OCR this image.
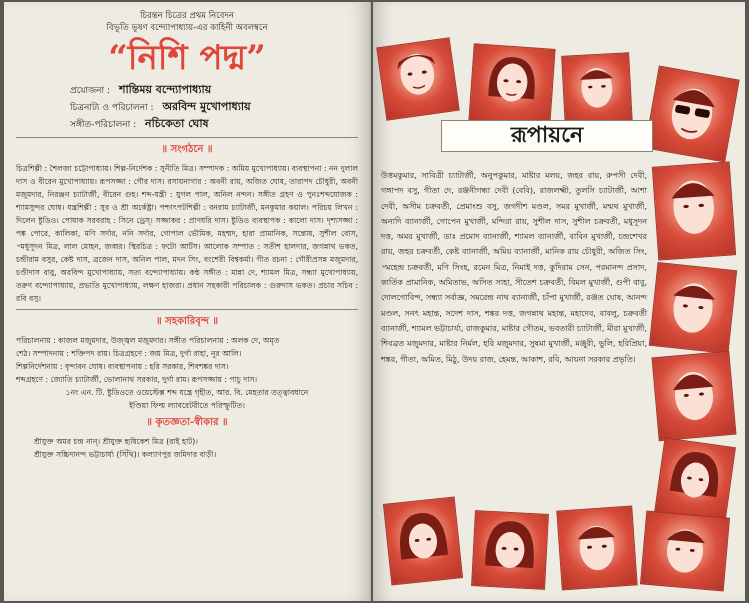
চিরন্তন চিত্রের প্রথম নিবেদন
বিভূতি ভূষণ বন্দ্যোপাধ্যায়-এর কাহিনী অবলম্বনে
“নিশি পদ্ম”
প্রযোজনা : শান্তিময় বন্দ্যোপাধ্যায়
চিত্রনাট্য ও পরিচালনা : অরবিন্দ মুখোপাধ্যায়
সঙ্গীত-পরিচালনা : নচিকেতা ঘোষ
॥ সংগঠনে ॥
চিত্রশিল্পী : শৈলজা চট্টোপাধ্যায়। শিল্প-নির্দেশক : সুনীতি মিত্র। সম্পাদক : অমিয় মুখোপাধ্যায়। ব্যবস্থাপনা : নন দুলাল দাস ও বীরেন মুখোপাধ্যায়। রূপসজ্জা : গৌর দাস। রসায়নাগার : অবনী রায়, অজিত ঘোষ, তারাপদ চৌধুরী, অবনী মজুমদার, নিরঞ্জন চ্যাটার্জী, বীরেন গুহ। শব্দ-যন্ত্রী : যুগল পাল, অনিল নন্দন। সঙ্গীত গ্রহণ ও পুনঃশব্দযোজক : শ্যামসুন্দর ঘোষ। যন্ত্রশিল্পী : সুর ও শ্রী অর্কেষ্ট্রা। পশ্চাৎপটশিল্পী : বনরাম চ্যাটার্জী, মনকুমার কয়াল। পরিচয় লিখন : দিলেন ষ্টুডিও। পোষাক সরবরাহ : সিনে ড্রেস্। সজ্জাকর : প্রাণধরি দাস। ষ্টুডিও ব্যবস্থাপক : কালো দাস। দৃশ্যসজ্জা : পঙ্ক পোরে, কালিকা, মণি সর্দার, ননি সর্দার, গোপাল ভৌমিক, মহম্মদ, হারা প্রামানিক, সন্তোষ, সুশীল বোস, ৺মধুসূদন মিত্র, লাল মোহন, জব্বর। স্থিরচিত্র : ফটো আর্টস। আলোক সম্পাত : সতীশ হালদার, জগন্নাথ ভকত, চন্দ্রীরাম বসুর, কেষ্ট দাস, ব্রজেন দাস, অনিল পাল, মদন সিং, বংশেরী বিশ্বকর্মা। গীত রচনা : গৌরীপ্রসন্ন মজুমদার, চণ্ডীদাস বাবু, অরবিন্দ মুখোপাধ্যায়, সত্য বন্দ্যোপাধ্যায়। কন্ঠ সঙ্গীত : মান্না দে, শ্যামল মিত্র, সন্ধ্যা মুখোপাধ্যায়, তরুণ বন্দ্যোপাধ্যায়, প্রভাতি মুখোপাধ্যায়, লক্ষণ হাজরা। প্রধান সহকারী পরিচালক : গুরুদাস ভকত। প্রচার সচিব : রবি বসু।
॥ সহকারিবৃন্দ ॥
পরিচালনায় : কাজল মজুমদার, উজ্জ্বল মজুমদার। সঙ্গীত পরিচালনায় : অলক দে, অমৃত
শেঠ। সম্পাদনায় : শক্তিপদ রায়। চিত্রগ্রহণে : জয় মিত্র, দুর্গা রাহা, নূর আলি।
শিল্পনির্দেশনায় : বৃন্দাবন ঘোষ। ব্যবস্থাপনায় : হরি সরকার, শিবশঙ্কর দাস।
শব্দগ্রহণে : জ্যোতি চ্যাটার্জী, ভোলানাথ সরকার, দুর্গা রাম। রূপসজ্জায় : পাচু দাস।
১নং এন. টি. ষ্টুডিওতে ওয়েস্টেক্স শব্দ যন্ত্রে গৃহীত, আর. বি. মেহতার তত্ত্বাবধানে
ইণ্ডিয়া ফিল্ম ল্যাবরেটরীতে পরিস্ফুটিত।
॥ কৃতজ্ঞতা-স্বীকার ॥
শ্রীযুক্ত অমর চন্দ্র নান্। শ্রীযুক্ত হৃষিকেশ মিত্র (রাই হাট)।
শ্রীযুক্ত সচ্চিদানন্দ ভট্টাচার্য্য (সিঁথি)। কল্যাণপুর জমিদার বাড়ী।
রূপায়নে
উত্তমকুমার, সাবিত্রী চ্যাটার্জী, অনুপকুমার, মাষ্টার মলয়, জহর রায়, রুপসী দেবী, গঙ্গাপদ বসু, গীতা দে, রঞ্জনীগন্ধা দেবী (বেবি), রাজলক্ষ্মী, তুলসি চ্যাটার্জী, আশা দেবী, অসীম চক্রবর্তী, প্রেমাংশু বসু, জগদীশ মণ্ডল, সমর মুখার্জী, মন্মথ মুখার্জী, অনাদি ব্যানার্জী, গোপেন মুখার্জী, মন্দিরা রায়, সুশীল দাস, সুশীল চক্রবর্তী, মধুসূদন দত্ত, অমর মুখার্জী, ডাঃ প্রমোদ ব্যানার্জী, শ্যামল ব্যানার্জী, বাবিন মুখার্জী, চন্দ্রশেখর রায়, জহর চক্রবর্তী, কেষ্ট ব্যানার্জী, অমিয় ব্যানার্জী, মানিক রায় চৌধুরী, অজিত সিং, ৺মহেন্দ্র চক্রবর্তী, মণি সিংহ, রমেন মিত্র, নিমাই দত্ত, কুদিরাম সেন, পরমানন্দ প্রসাদ, কার্তিক প্রামানিক, অমিতাভ, অসিত সাহা, সীতেশ চক্রবর্তী, বিমল মুখার্জী, গুপী বাবু, দোলগোবিন্দ, সন্ধ্যা সর্বাজ্ঞ, সমরেন্দ্র নাথ ব্যানার্জী, চাঁপা মুখার্জী, রঞ্জত ঘোষ, আনন্দ মণ্ডল, সনৎ মহান্ত, সদেশ দাস, শঙ্কর দত্ত, জগন্নাথ মহান্ত, মহাদেব, বাবলু, চক্রবর্তী ব্যানার্জী, শ্যামল ভট্টাচার্য্য, রাজকুমার, মাষ্টার গৌতম, ভবতারী চ্যাটার্জী, মীরা মুখার্জী, শিবব্রত মজুমদার, মাষ্টার নির্মল, হরি মজুমদার, সুষমা মুখার্জী, মঞ্জুরী, ভুলি, হরিপ্রিয়া, শঙ্কর, গীতা, অমিত, মিঠু, উদয় রাজ, হেমন্ত, আকাশ, রবি, আয়না সরকার প্রভৃতি।
